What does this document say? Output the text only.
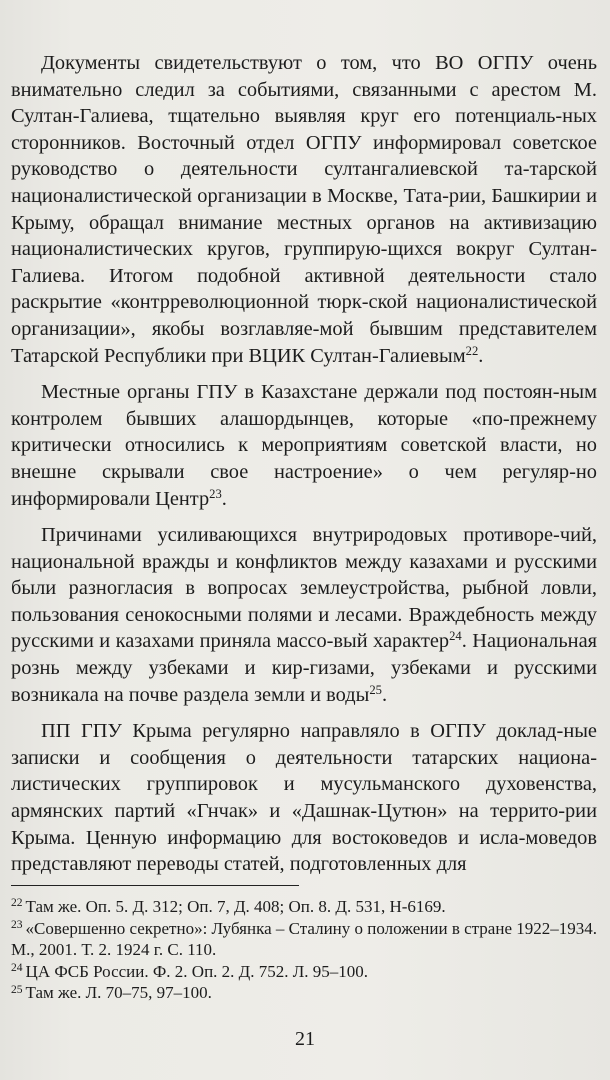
Документы свидетельствуют о том, что ВО ОГПУ очень внимательно следил за событиями, связанными с арестом М. Султан-Галиева, тщательно выявляя круг его потенциаль-ных сторонников. Восточный отдел ОГПУ информировал советское руководство о деятельности султангалиевской та-тарской националистической организации в Москве, Тата-рии, Башкирии и Крыму, обращал внимание местных органов на активизацию националистических кругов, группирую-щихся вокруг Султан-Галиева. Итогом подобной активной деятельности стало раскрытие «контрреволюционной тюрк-ской националистической организации», якобы возглавляе-мой бывшим представителем Татарской Республики при ВЦИК Султан-Галиевым$^{22}$.

Местные органы ГПУ в Казахстане держали под постоян-ным контролем бывших алашордынцев, которые «по-прежнему критически относились к мероприятиям советской власти, но внешне скрывали свое настроение» о чем регуляр-но информировали Центр$^{23}$.

Причинами усиливающихся внутриродовых противоре-чий, национальной вражды и конфликтов между казахами и русскими были разногласия в вопросах землеустройства, рыбной ловли, пользования сенокосными полями и лесами. Враждебность между русскими и казахами приняла массо-вый характер$^{24}$. Национальная рознь между узбеками и кир-гизами, узбеками и русскими возникала на почве раздела земли и воды$^{25}$.

ПП ГПУ Крыма регулярно направляло в ОГПУ доклад-ные записки и сообщения о деятельности татарских национа-листических группировок и мусульманского духовенства, армянских партий «Гнчак» и «Дашнак-Цутюн» на террито-рии Крыма. Ценную информацию для востоковедов и исла-моведов представляют переводы статей, подготовленных для

$^{22}$ Там же. Оп. 5. Д. 312; Оп. 7, Д. 408; Оп. 8. Д. 531, Н-6169.

$^{23}$ «Совершенно секретно»: Лубянка – Сталину о положении в стране 1922–1934. М., 2001. Т. 2. 1924 г. С. 110.

$^{24}$ ЦА ФСБ России. Ф. 2. Оп. 2. Д. 752. Л. 95–100.

$^{25}$ Там же. Л. 70–75, 97–100.

21
